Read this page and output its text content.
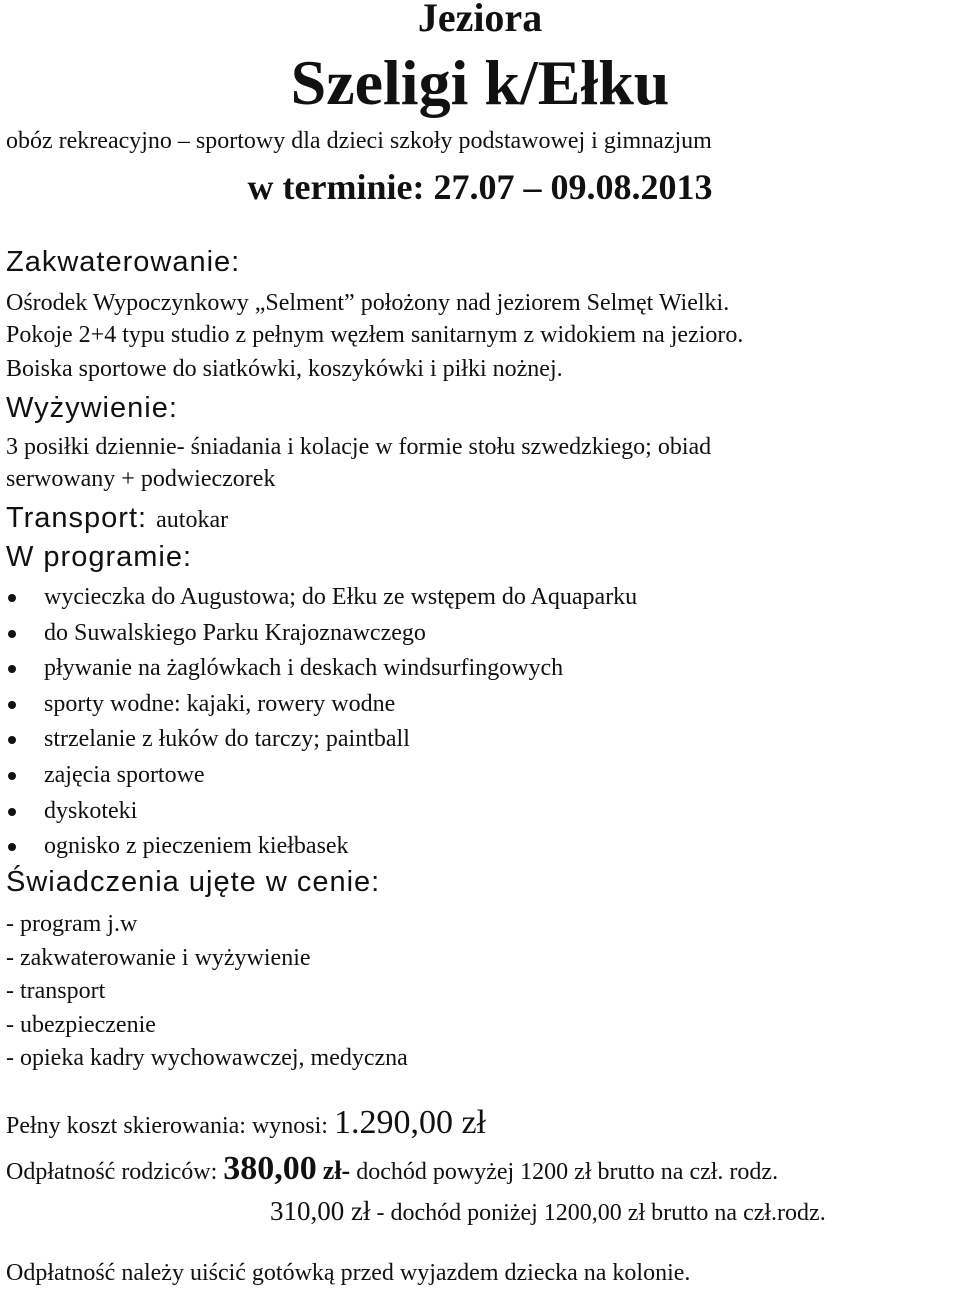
Jeziora
Szeligi k/Ełku
obóz rekreacyjno – sportowy dla dzieci szkoły podstawowej i gimnazjum
w terminie: 27.07 – 09.08.2013
Zakwaterowanie:
Ośrodek Wypoczynkowy „Selment” położony nad jeziorem Selmęt Wielki.
Pokoje 2+4 typu studio z pełnym węzłem sanitarnym z widokiem na jezioro.
Boiska sportowe do siatkówki, koszykówki i piłki nożnej.
Wyżywienie:
3 posiłki dziennie- śniadania i kolacje w formie stołu szwedzkiego; obiad
serwowany + podwieczorek
Transport: autokar
W programie:
wycieczka do Augustowa; do Ełku ze wstępem do Aquaparku
do Suwalskiego Parku Krajoznawczego
pływanie na żaglówkach i deskach windsurfingowych
sporty wodne: kajaki, rowery wodne
strzelanie z łuków do tarczy; paintball
zajęcia sportowe
dyskoteki
ognisko z pieczeniem kiełbasek
Świadczenia ujęte w cenie:
- program j.w
- zakwaterowanie i wyżywienie
- transport
- ubezpieczenie
- opieka kadry wychowawczej, medyczna
Pełny koszt skierowania: wynosi: 1.290,00 zł
Odpłatność rodziców: 380,00 zł- dochód powyżej 1200 zł brutto na czł. rodz.
310,00 zł - dochód poniżej 1200,00 zł brutto na czł.rodz.
Odpłatność należy uiścić gotówką przed wyjazdem dziecka na kolonie.
